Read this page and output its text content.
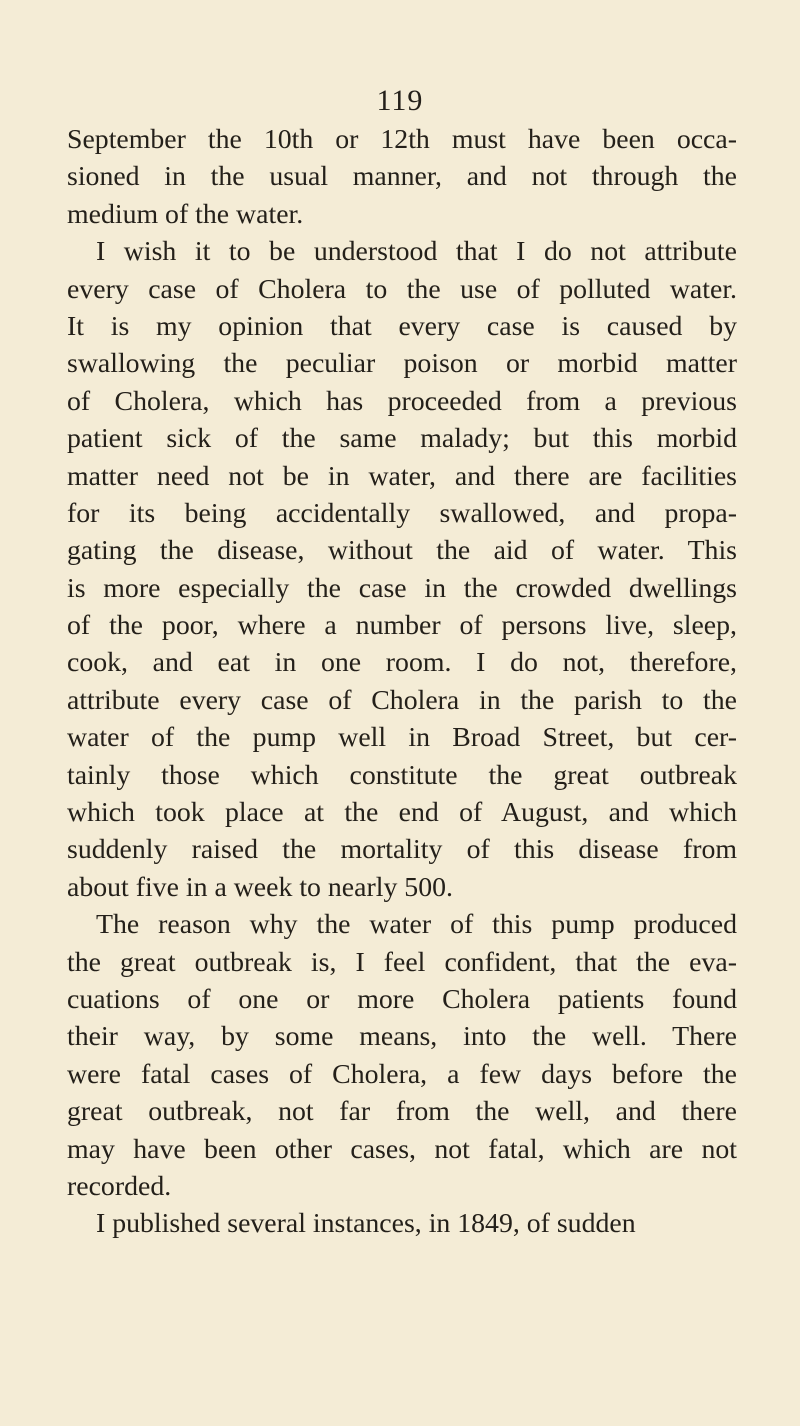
119
September the 10th or 12th must have been occa-
sioned in the usual manner, and not through the
medium of the water.
I wish it to be understood that I do not attribute
every case of Cholera to the use of polluted water.
It is my opinion that every case is caused by
swallowing the peculiar poison or morbid matter
of Cholera, which has proceeded from a previous
patient sick of the same malady; but this morbid
matter need not be in water, and there are facilities
for its being accidentally swallowed, and propa-
gating the disease, without the aid of water. This
is more especially the case in the crowded dwellings
of the poor, where a number of persons live, sleep,
cook, and eat in one room. I do not, therefore,
attribute every case of Cholera in the parish to the
water of the pump well in Broad Street, but cer-
tainly those which constitute the great outbreak
which took place at the end of August, and which
suddenly raised the mortality of this disease from
about five in a week to nearly 500.
The reason why the water of this pump produced
the great outbreak is, I feel confident, that the eva-
cuations of one or more Cholera patients found
their way, by some means, into the well. There
were fatal cases of Cholera, a few days before the
great outbreak, not far from the well, and there
may have been other cases, not fatal, which are not
recorded.
I published several instances, in 1849, of sudden
